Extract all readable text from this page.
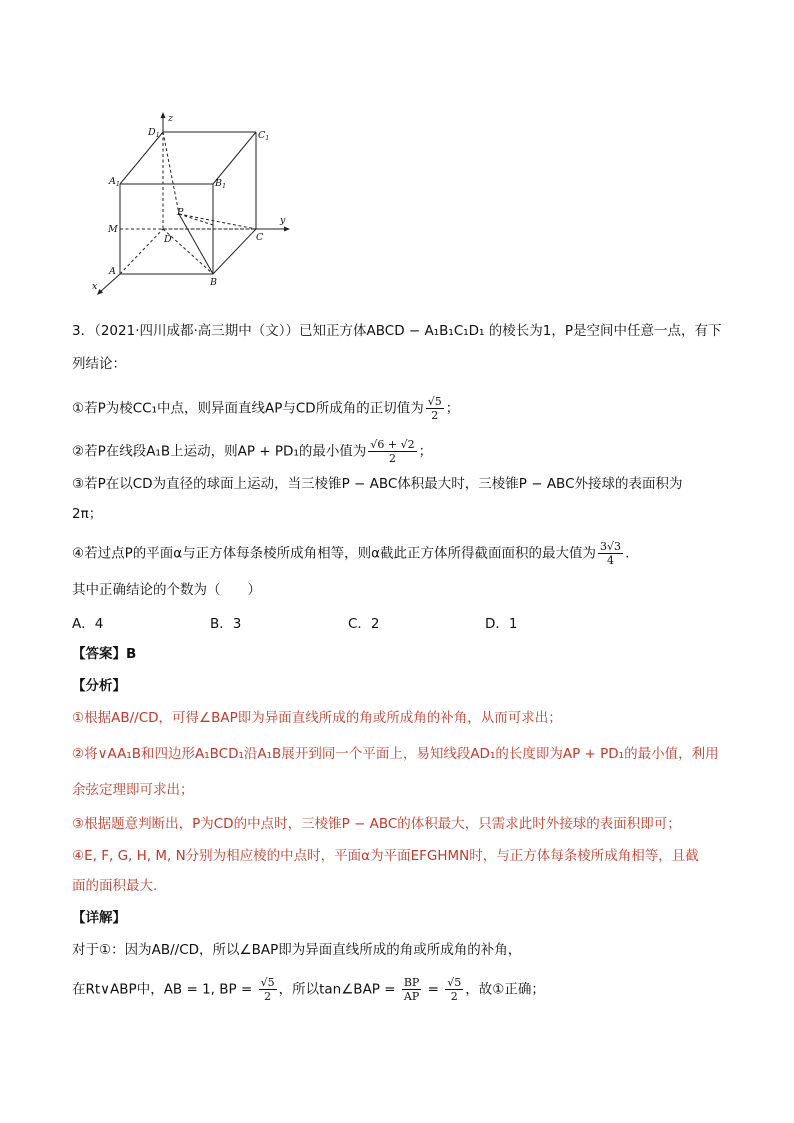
z
y
x
$D_1$	$C_1$
$A_1$	$B_1$
M
P
D	C
A
B
3．（2021·四川成都·高三期中（文））已知正方体ABCD − A₁B₁C₁D₁ 的棱长为1，P是空间中任意一点，有下
列结论：
①若P为棱CC₁中点，则异面直线AP与CD所成角的正切值为 $\frac{√5}{2}$ ；
②若P在线段A₁B上运动，则AP + PD₁的最小值为 $\frac{√6 + √2}{2}$ ；
③若P在以CD为直径的球面上运动，当三棱锥P − ABC体积最大时，三棱锥P − ABC外接球的表面积为
2π；
④若过点P的平面α与正方体每条棱所成角相等，则α截此正方体所得截面面积的最大值为 $\frac{3√3}{4}$ .
其中正确结论的个数为（　　）
A．4	B．3	C．2	D．1
【答案】B
【分析】
①根据AB//CD，可得∠BAP即为异面直线所成的角或所成角的补角，从而可求出；
②将∨AA₁B和四边形A₁BCD₁沿A₁B展开到同一个平面上，易知线段AD₁的长度即为AP + PD₁的最小值，利用
余弦定理即可求出；
③根据题意判断出，P为CD的中点时，三棱锥P − ABC的体积最大，只需求此时外接球的表面积即可；
④E, F, G, H, M, N分别为相应棱的中点时，平面α为平面EFGHMN时，与正方体每条棱所成角相等，且截
面的面积最大.
【详解】
对于①：因为AB//CD，所以∠BAP即为异面直线所成的角或所成角的补角，
在Rt∨ABP中，AB = 1, BP = $\frac{√5}{2}$ ，所以tan∠BAP = $\frac{BP}{AP} = \frac{√5}{2}$ ，故①正确；
